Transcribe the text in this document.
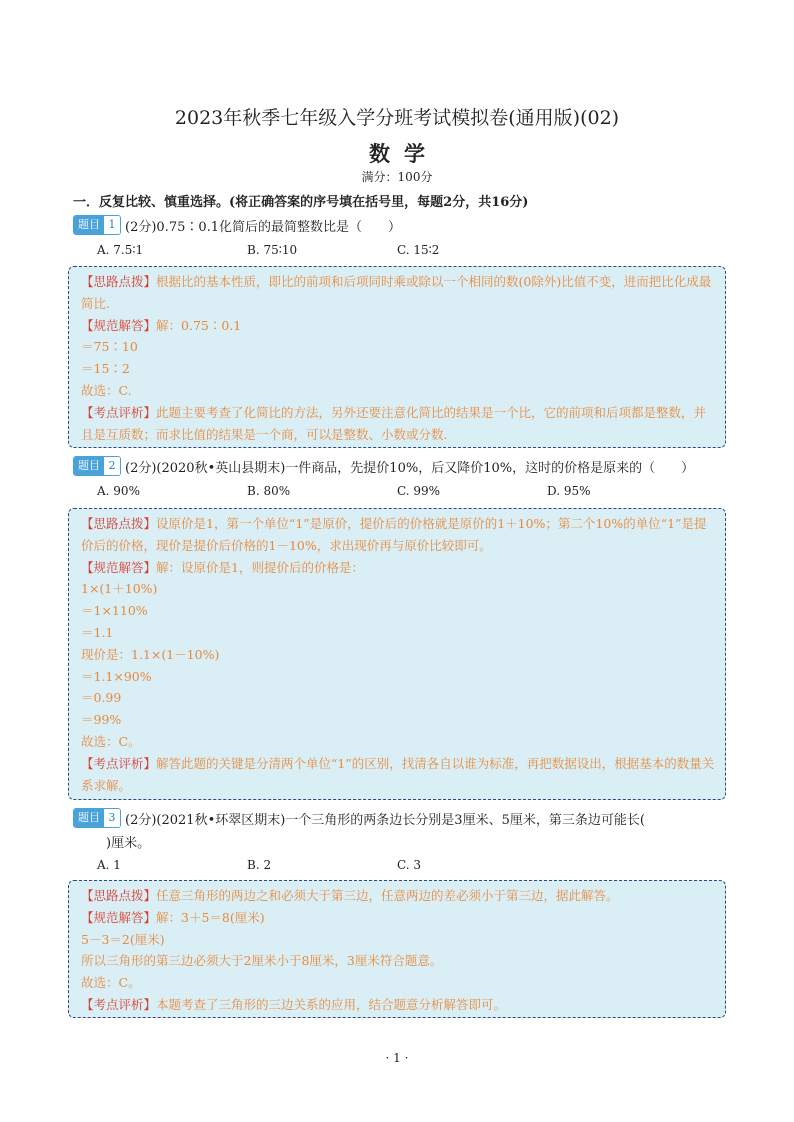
2023年秋季七年级入学分班考试模拟卷(通用版)(02)
数学
满分：100分
一．反复比较、慎重选择。(将正确答案的序号填在括号里，每题2分，共16分)
题目 1 (2分)0.75∶0.1化简后的最简整数比是（　　）
A. 7.5∶1	B. 75∶10	C. 15∶2
【思路点拨】根据比的基本性质，即比的前项和后项同时乘或除以一个相同的数(0除外)比值不变，进而把比化成最简比.
【规范解答】解：0.75∶0.1
＝75∶10
＝15∶2
故选：C.
【考点评析】此题主要考查了化简比的方法，另外还要注意化简比的结果是一个比，它的前项和后项都是整数，并且是互质数；而求比值的结果是一个商，可以是整数、小数或分数.
题目 2 (2分)(2020秋•英山县期末)一件商品，先提价10%，后又降价10%，这时的价格是原来的（　　）
A. 90%	B. 80%	C. 99%	D. 95%
【思路点拨】设原价是1，第一个单位“1”是原价，提价后的价格就是原价的1＋10%；第二个10%的单位“1”是提价后的价格，现价是提价后价格的1－10%，求出现价再与原价比较即可。
【规范解答】解：设原价是1，则提价后的价格是：
1×(1＋10%)
＝1×110%
＝1.1
现价是：1.1×(1－10%)
＝1.1×90%
＝0.99
＝99%
故选：C。
【考点评析】解答此题的关键是分清两个单位“1”的区别，找清各自以谁为标准，再把数据设出，根据基本的数量关系求解。
题目 3 (2分)(2021秋•环翠区期末)一个三角形的两条边长分别是3厘米、5厘米，第三条边可能长(
)厘米。
A. 1	B. 2	C. 3
【思路点拨】任意三角形的两边之和必须大于第三边，任意两边的差必须小于第三边，据此解答。
【规范解答】解：3＋5＝8(厘米)
5－3＝2(厘米)
所以三角形的第三边必须大于2厘米小于8厘米，3厘米符合题意。
故选：C。
【考点评析】本题考查了三角形的三边关系的应用，结合题意分析解答即可。
· 1 ·
